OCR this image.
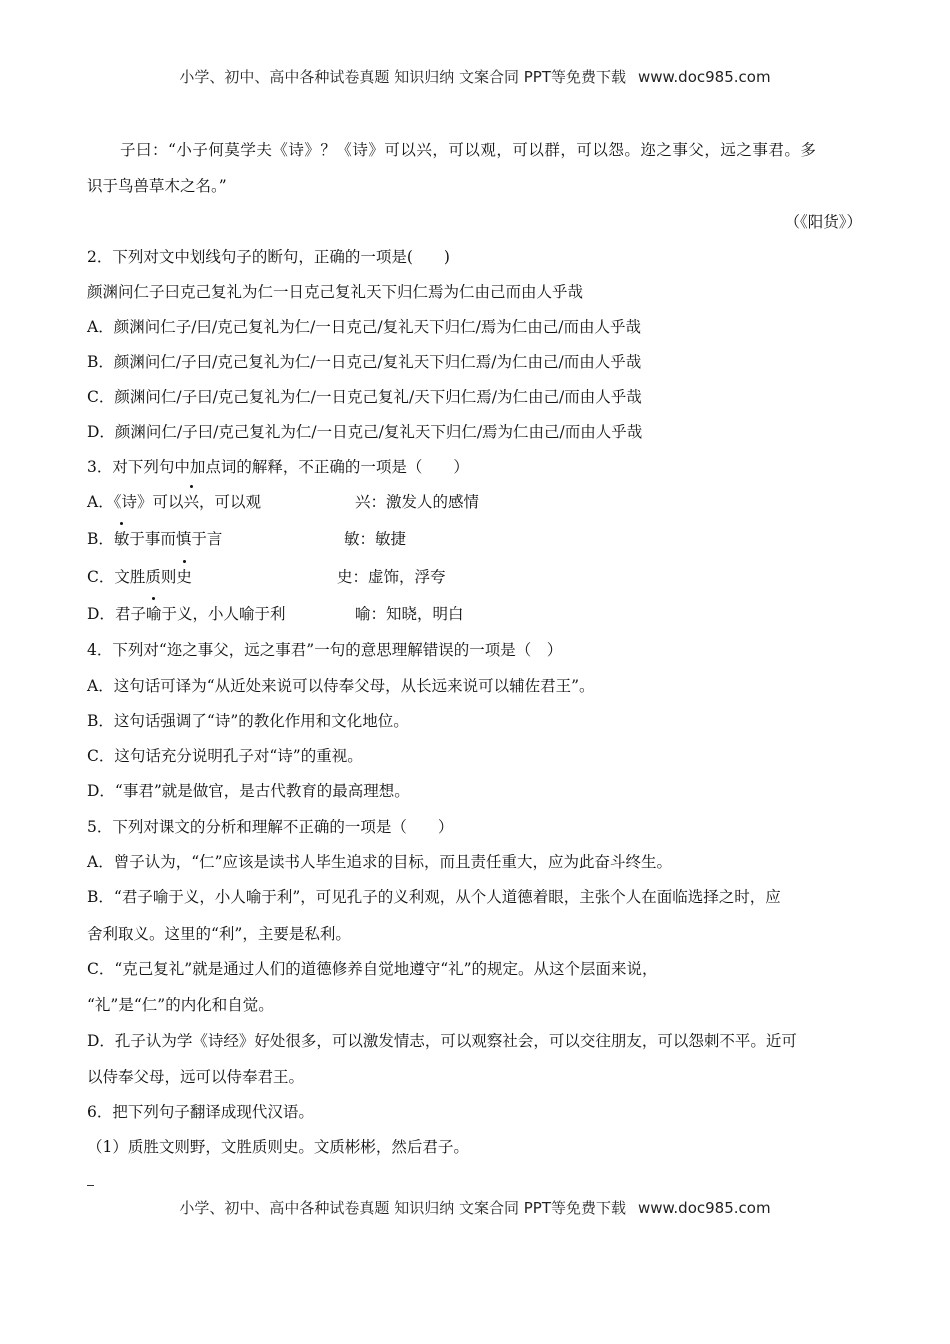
小学、初中、高中各种试卷真题 知识归纳 文案合同 PPT等免费下载 www.doc985.com
子曰：“小子何莫学夫《诗》？《诗》可以兴，可以观，可以群，可以怨。迩之事父，远之事君。多
识于鸟兽草木之名。”
（《阳货》）
2．下列对文中划线句子的断句，正确的一项是(　　)
颜渊问仁子曰克己复礼为仁一日克己复礼天下归仁焉为仁由己而由人乎哉
A．颜渊问仁子/曰/克己复礼为仁/一日克己/复礼天下归仁/焉为仁由己/而由人乎哉
B．颜渊问仁/子曰/克己复礼为仁/一日克己/复礼天下归仁焉/为仁由己/而由人乎哉
C．颜渊问仁/子曰/克己复礼为仁/一日克己复礼/天下归仁焉/为仁由己/而由人乎哉
D．颜渊问仁/子曰/克己复礼为仁/一日克己/复礼天下归仁/焉为仁由己/而由人乎哉
3．对下列句中加点词的解释，不正确的一项是（　　）
A．《诗》可以兴，可以观	兴：激发人的感情
B．敏于事而慎于言	敏：敏捷
C．文胜质则史	史：虚饰，浮夸
D．君子喻于义，小人喻于利	喻：知晓，明白
4．下列对“迩之事父，远之事君”一句的意思理解错误的一项是（　）
A．这句话可译为“从近处来说可以侍奉父母，从长远来说可以辅佐君王”。
B．这句话强调了“诗”的教化作用和文化地位。
C．这句话充分说明孔子对“诗”的重视。
D．“事君”就是做官，是古代教育的最高理想。
5．下列对课文的分析和理解不正确的一项是（　　）
A．曾子认为，“仁”应该是读书人毕生追求的目标，而且责任重大，应为此奋斗终生。
B．“君子喻于义，小人喻于利”，可见孔子的义利观，从个人道德着眼，主张个人在面临选择之时，应
舍利取义。这里的“利”，主要是私利。
C．“克己复礼”就是通过人们的道德修养自觉地遵守“礼”的规定。从这个层面来说，
“礼”是“仁”的内化和自觉。
D．孔子认为学《诗经》好处很多，可以激发情志，可以观察社会，可以交往朋友，可以怨刺不平。近可
以侍奉父母，远可以侍奉君王。
6．把下列句子翻译成现代汉语。
（1）质胜文则野，文胜质则史。文质彬彬，然后君子。
小学、初中、高中各种试卷真题 知识归纳 文案合同 PPT等免费下载 www.doc985.com
